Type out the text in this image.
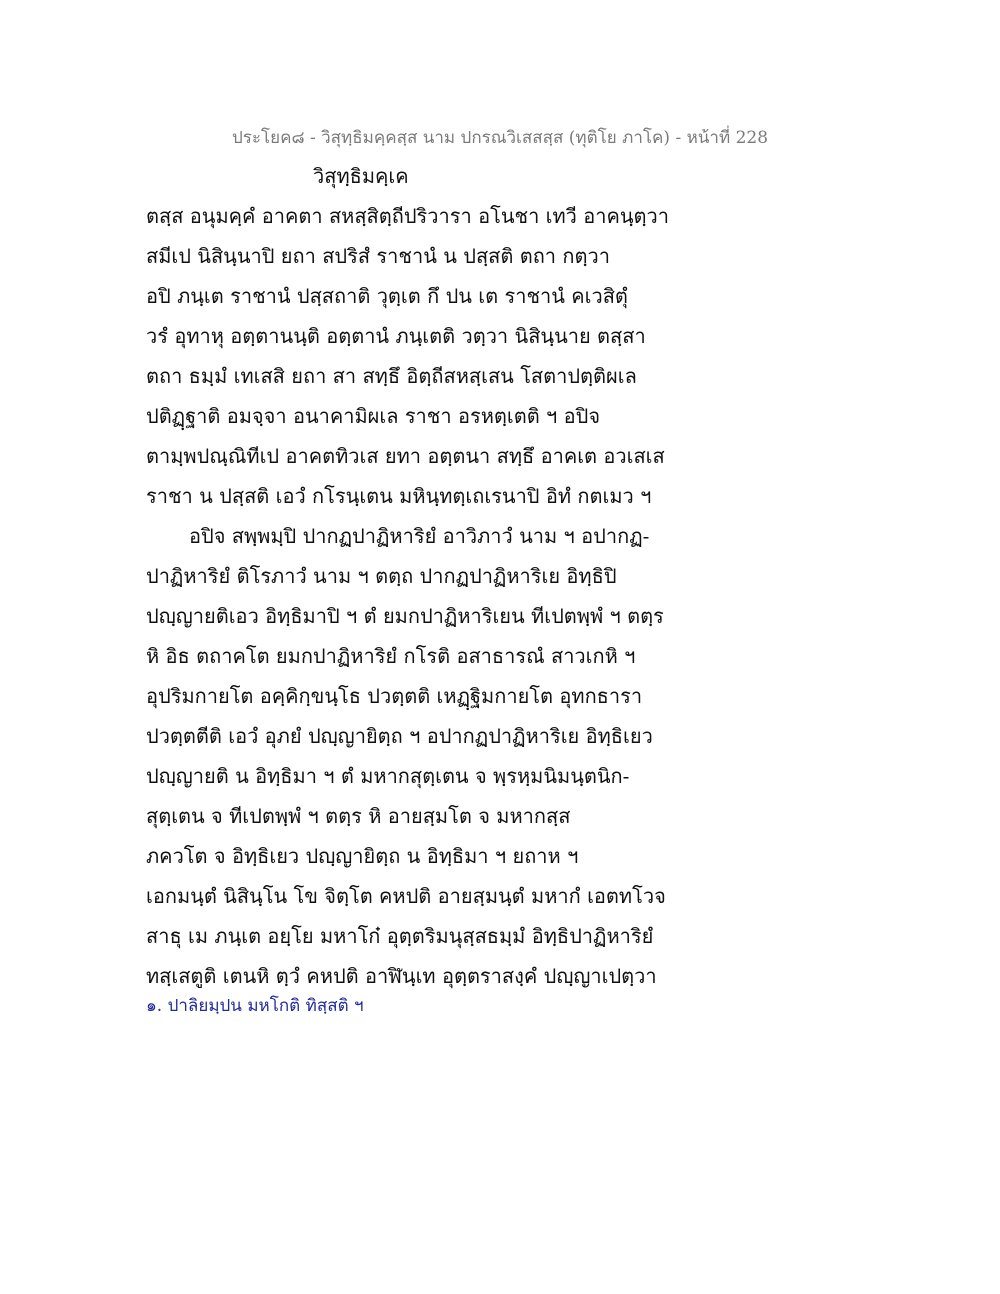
ประโยค๘ - วิสุทฺธิมคฺคสฺส นาม ปกรณวิเสสสฺส (ทุติโย ภาโค) - หน้าที่ 228
วิสุทฺธิมคฺเค
ตสฺส อนุมคฺคํ อาคตา สหสฺสิตฺถีปริวารา อโนชา เทวี อาคนฺตฺวา
สมีเป นิสินฺนาปิ ยถา สปริสํ ราชานํ น ปสฺสติ ตถา กตฺวา
อปิ ภนฺเต ราชานํ ปสฺสถาติ วุตฺเต กึ ปน เต ราชานํ คเวสิตุํ
วรํ อุทาหุ อตฺตานนฺติ อตฺตานํ ภนฺเตติ วตฺวา นิสินฺนาย ตสฺสา
ตถา ธมฺมํ เทเสสิ ยถา สา สทฺธึ อิตฺถีสหสฺเสน โสตาปตฺติผเล
ปติฏฺฐาติ อมจฺจา อนาคามิผเล ราชา อรหตฺเตติ ฯ อปิจ
ตามฺพปณฺณิทีเป อาคตทิวเส ยทา อตฺตนา สทฺธึ อาคเต อวเสเส
ราชา น ปสฺสติ เอวํ กโรนฺเตน มหินฺทตฺเถเรนาปิ อิทํ กตเมว ฯ
อปิจ สพฺพมฺปิ ปากฏปาฏิหาริยํ อาวิภาวํ นาม ฯ อปากฏ-
ปาฏิหาริยํ ติโรภาวํ นาม ฯ ตตฺถ ปากฏปาฏิหาริเย อิทฺธิปิ
ปญฺญายติเอว อิทฺธิมาปิ ฯ ตํ ยมกปาฏิหาริเยน ทีเปตพฺพํ ฯ ตตฺร
หิ อิธ ตถาคโต ยมกปาฏิหาริยํ กโรติ อสาธารณํ สาวเกหิ ฯ
อุปริมกายโต อคฺคิกฺขนฺโธ ปวตฺตติ เหฏฺฐิมกายโต อุทกธารา
ปวตฺตตีติ เอวํ อุภยํ ปญฺญายิตฺถ ฯ อปากฏปาฏิหาริเย อิทฺธิเยว
ปญฺญายติ น อิทฺธิมา ฯ ตํ มหากสุตฺเตน จ พฺรหฺมนิมนฺตนิก-
สุตฺเตน จ ทีเปตพฺพํ ฯ ตตฺร หิ อายสฺมโต จ มหากสฺส
ภควโต จ อิทฺธิเยว ปญฺญายิตฺถ น อิทฺธิมา ฯ ยถาห ฯ
เอกมนฺตํ นิสินฺโน โข จิตฺโต คหปติ อายสฺมนฺตํ มหากํ เอตทโวจ
สาธุ เม ภนฺเต อยฺโย มหาโก๋ อุตฺตริมนุสฺสธมฺมํ อิทฺธิปาฏิหาริยํ
ทสฺเสตูติ เตนหิ ตฺวํ คหปติ อาฬินฺเท อุตฺตราสงฺคํ ปญฺญาเปตฺวา
๑. ปาลิยมฺปน มหโกติ ทิสฺสติ ฯ
